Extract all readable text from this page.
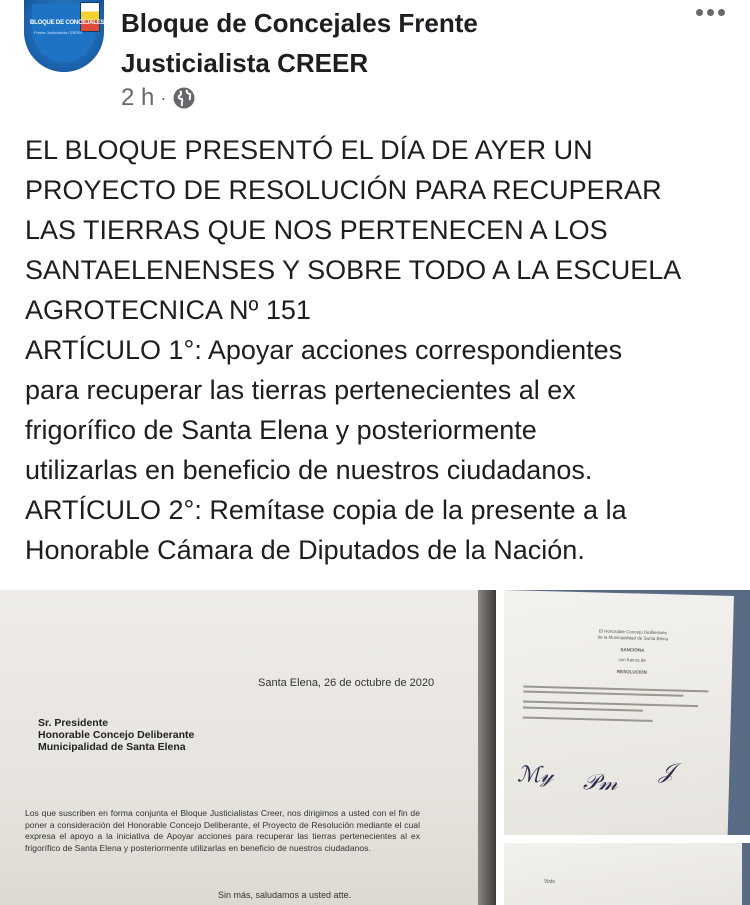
BLOQUE DE CONCEJALES
Frente Justicialista CREER Bloque de Concejales Frente
Justicialista CREER
2 h ·

EL BLOQUE PRESENTÓ EL DÍA DE AYER UN

PROYECTO DE RESOLUCIÓN PARA RECUPERAR

LAS TIERRAS QUE NOS PERTENECEN A LOS

SANTAELENENSES Y SOBRE TODO A LA ESCUELA

AGROTECNICA Nº 151

ARTÍCULO 1°: Apoyar acciones correspondientes

para recuperar las tierras pertenecientes al ex

frigorífico de Santa Elena y posteriormente

utilizarlas en beneficio de nuestros ciudadanos.

ARTÍCULO 2°: Remítase copia de la presente a la

Honorable Cámara de Diputados de la Nación.

Santa Elena, 26 de octubre de 2020
Sr. Presidente
Honorable Concejo Deliberante
Municipalidad de Santa Elena
Los que suscriben en forma conjunta el Bloque Justicialistas Creer, nos dirigimos a usted con el fin de poner a consideración del Honorable Concejo Deliberante, el Proyecto de Resolución mediante el cual expresa el apoyo a la iniciativa de Apoyar acciones para recuperar las tierras pertenecientes al ex frigorífico de Santa Elena y posteriormente utilizarlas en beneficio de nuestros ciudadanos.
Sin más, saludamos a usted atte.
El Honorable Concejo Deliberante
de la Municipalidad de Santa Elena
SANCIONA
con fuerza de
RESOLUCIÓN
ℳ𝓎 𝒫𝓂 𝒥
Visto
